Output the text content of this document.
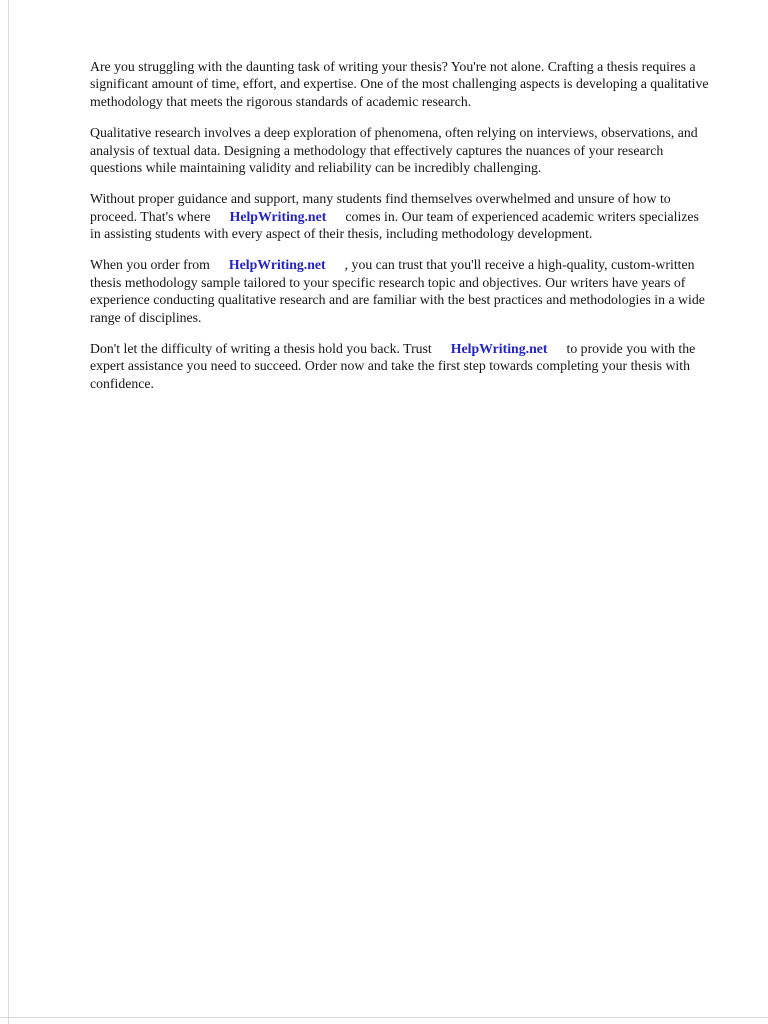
Are you struggling with the daunting task of writing your thesis? You're not alone. Crafting a thesis requires a significant amount of time, effort, and expertise. One of the most challenging aspects is developing a qualitative methodology that meets the rigorous standards of academic research.

Qualitative research involves a deep exploration of phenomena, often relying on interviews, observations, and analysis of textual data. Designing a methodology that effectively captures the nuances of your research questions while maintaining validity and reliability can be incredibly challenging.

Without proper guidance and support, many students find themselves overwhelmed and unsure of how to proceed. That's where HelpWriting.net comes in. Our team of experienced academic writers specializes in assisting students with every aspect of their thesis, including methodology development.

When you order from HelpWriting.net , you can trust that you'll receive a high-quality, custom-written thesis methodology sample tailored to your specific research topic and objectives. Our writers have years of experience conducting qualitative research and are familiar with the best practices and methodologies in a wide range of disciplines.

Don't let the difficulty of writing a thesis hold you back. Trust HelpWriting.net to provide you with the expert assistance you need to succeed. Order now and take the first step towards completing your thesis with confidence.
